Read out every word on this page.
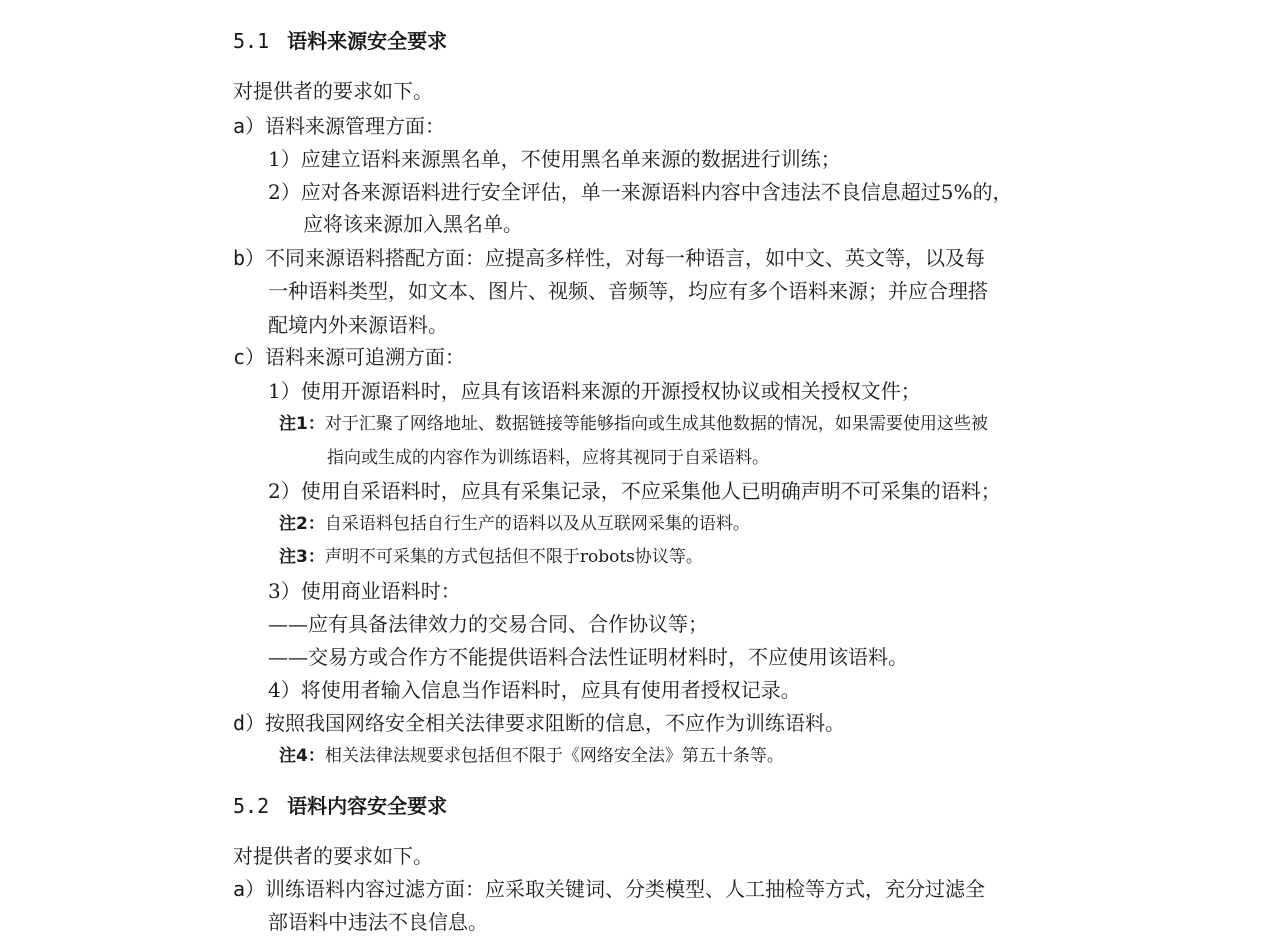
5.1 语料来源安全要求
对提供者的要求如下。
a）语料来源管理方面：
1）应建立语料来源黑名单，不使用黑名单来源的数据进行训练；
2）应对各来源语料进行安全评估，单一来源语料内容中含违法不良信息超过5%的，
应将该来源加入黑名单。
b）不同来源语料搭配方面：应提高多样性，对每一种语言，如中文、英文等，以及每
一种语料类型，如文本、图片、视频、音频等，均应有多个语料来源；并应合理搭
配境内外来源语料。
c）语料来源可追溯方面：
1）使用开源语料时，应具有该语料来源的开源授权协议或相关授权文件；
注1：对于汇聚了网络地址、数据链接等能够指向或生成其他数据的情况，如果需要使用这些被
指向或生成的内容作为训练语料，应将其视同于自采语料。
2）使用自采语料时，应具有采集记录，不应采集他人已明确声明不可采集的语料；
注2：自采语料包括自行生产的语料以及从互联网采集的语料。
注3：声明不可采集的方式包括但不限于robots协议等。
3）使用商业语料时：
——应有具备法律效力的交易合同、合作协议等；
——交易方或合作方不能提供语料合法性证明材料时，不应使用该语料。
4）将使用者输入信息当作语料时，应具有使用者授权记录。
d）按照我国网络安全相关法律要求阻断的信息，不应作为训练语料。
注4：相关法律法规要求包括但不限于《网络安全法》第五十条等。
5.2 语料内容安全要求
对提供者的要求如下。
a）训练语料内容过滤方面：应采取关键词、分类模型、人工抽检等方式，充分过滤全
部语料中违法不良信息。
